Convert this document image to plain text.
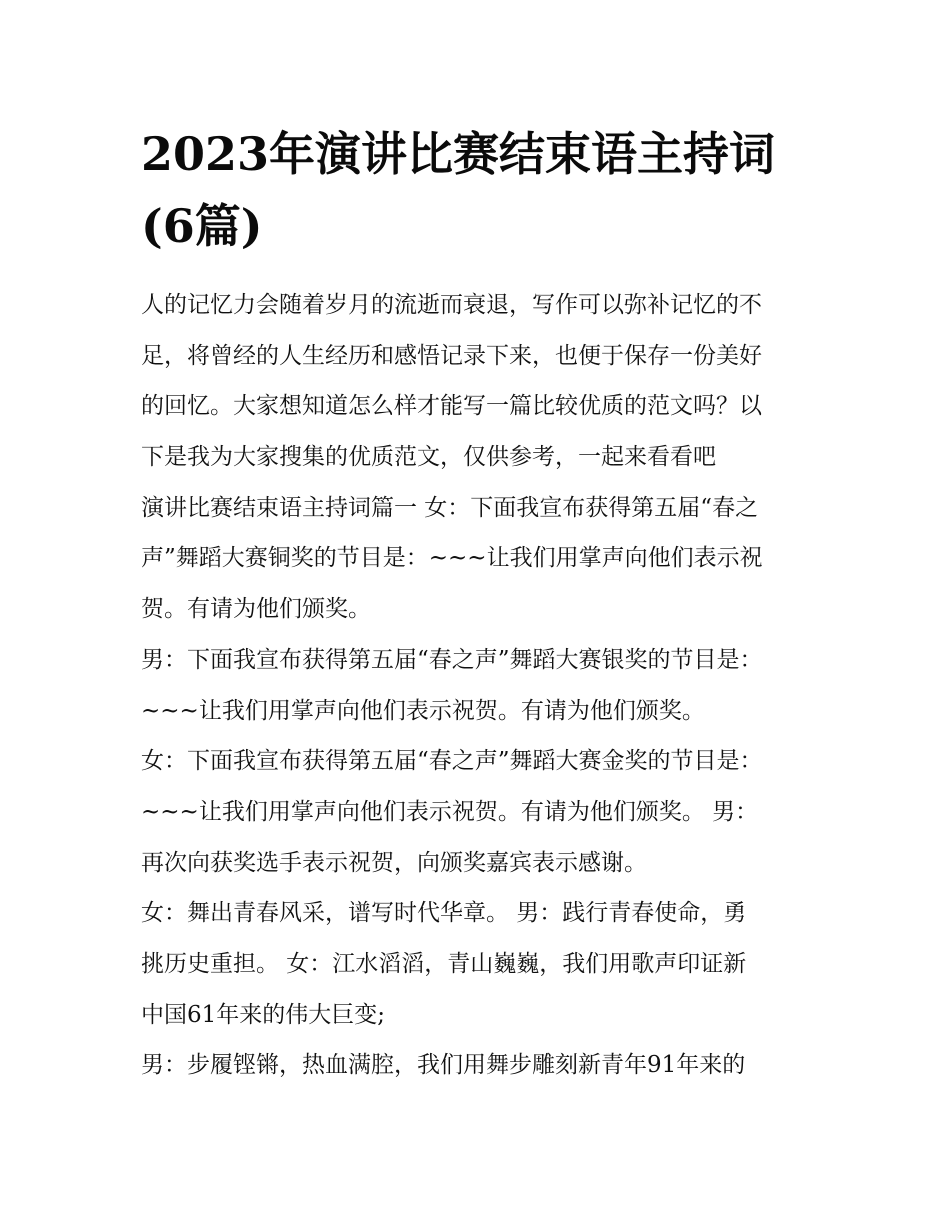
2023年演讲比赛结束语主持词
(6篇)
人的记忆力会随着岁月的流逝而衰退，写作可以弥补记忆的不
足，将曾经的人生经历和感悟记录下来，也便于保存一份美好
的回忆。大家想知道怎么样才能写一篇比较优质的范文吗？以
下是我为大家搜集的优质范文，仅供参考，一起来看看吧
演讲比赛结束语主持词篇一 女：下面我宣布获得第五届“春之
声”舞蹈大赛铜奖的节目是：~~~让我们用掌声向他们表示祝
贺。有请为他们颁奖。
男：下面我宣布获得第五届“春之声”舞蹈大赛银奖的节目是：
~~~让我们用掌声向他们表示祝贺。有请为他们颁奖。
女：下面我宣布获得第五届“春之声”舞蹈大赛金奖的节目是：
~~~让我们用掌声向他们表示祝贺。有请为他们颁奖。 男：
再次向获奖选手表示祝贺，向颁奖嘉宾表示感谢。
女：舞出青春风采，谱写时代华章。 男：践行青春使命，勇
挑历史重担。 女：江水滔滔，青山巍巍，我们用歌声印证新
中国61年来的伟大巨变;
男：步履铿锵，热血满腔，我们用舞步雕刻新青年91年来的
